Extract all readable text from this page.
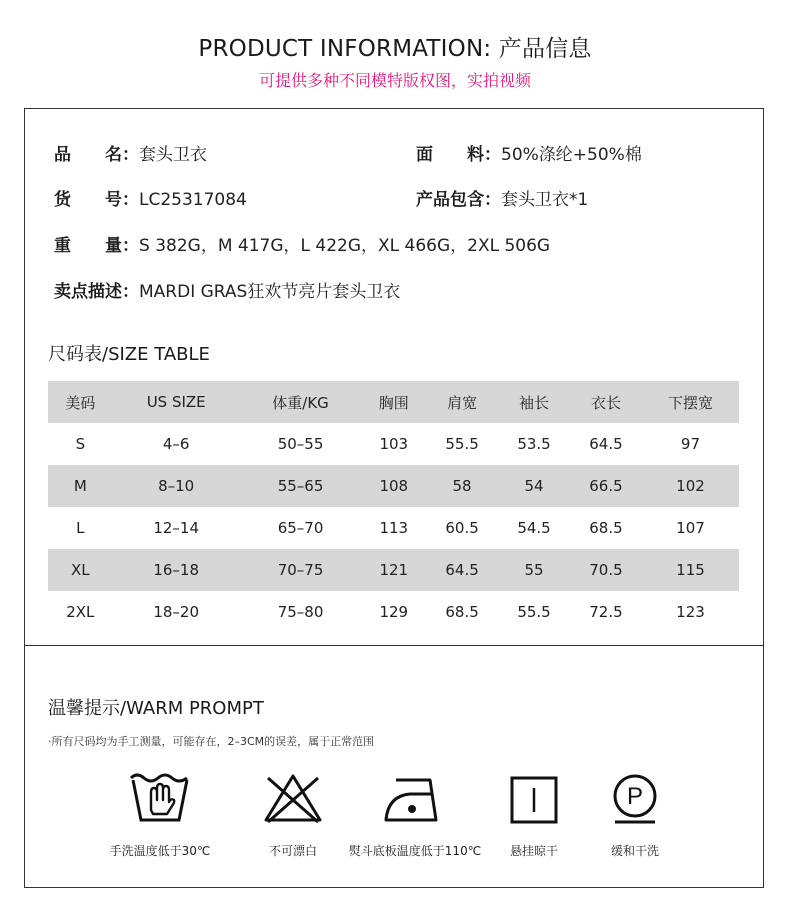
PRODUCT INFORMATION: 产品信息
可提供多种不同模特版权图，实拍视频
品　　名：套头卫衣	面　　料：50%涤纶+50%棉
货　　号：LC25317084	产品包含：套头卫衣*1
重　　量：S 382G，M 417G，L 422G，XL 466G，2XL 506G
卖点描述：MARDI GRAS狂欢节亮片套头卫衣
尺码表/SIZE TABLE
美码	US SIZE	体重/KG	胸围	肩宽	袖长	衣长	下摆宽
S	4–6	50–55	103	55.5	53.5	64.5	97
M	8–10	55–65	108	58	54	66.5	102
L	12–14	65–70	113	60.5	54.5	68.5	107
XL	16–18	70–75	121	64.5	55	70.5	115
2XL	18–20	75–80	129	68.5	55.5	72.5	123
温馨提示/WARM PROMPT
·所有尺码均为手工测量，可能存在，2–3CM的误差，属于正常范围
手洗温度低于30℃	不可漂白	熨斗底板温度低于110℃	悬挂晾干
P
缓和干洗
